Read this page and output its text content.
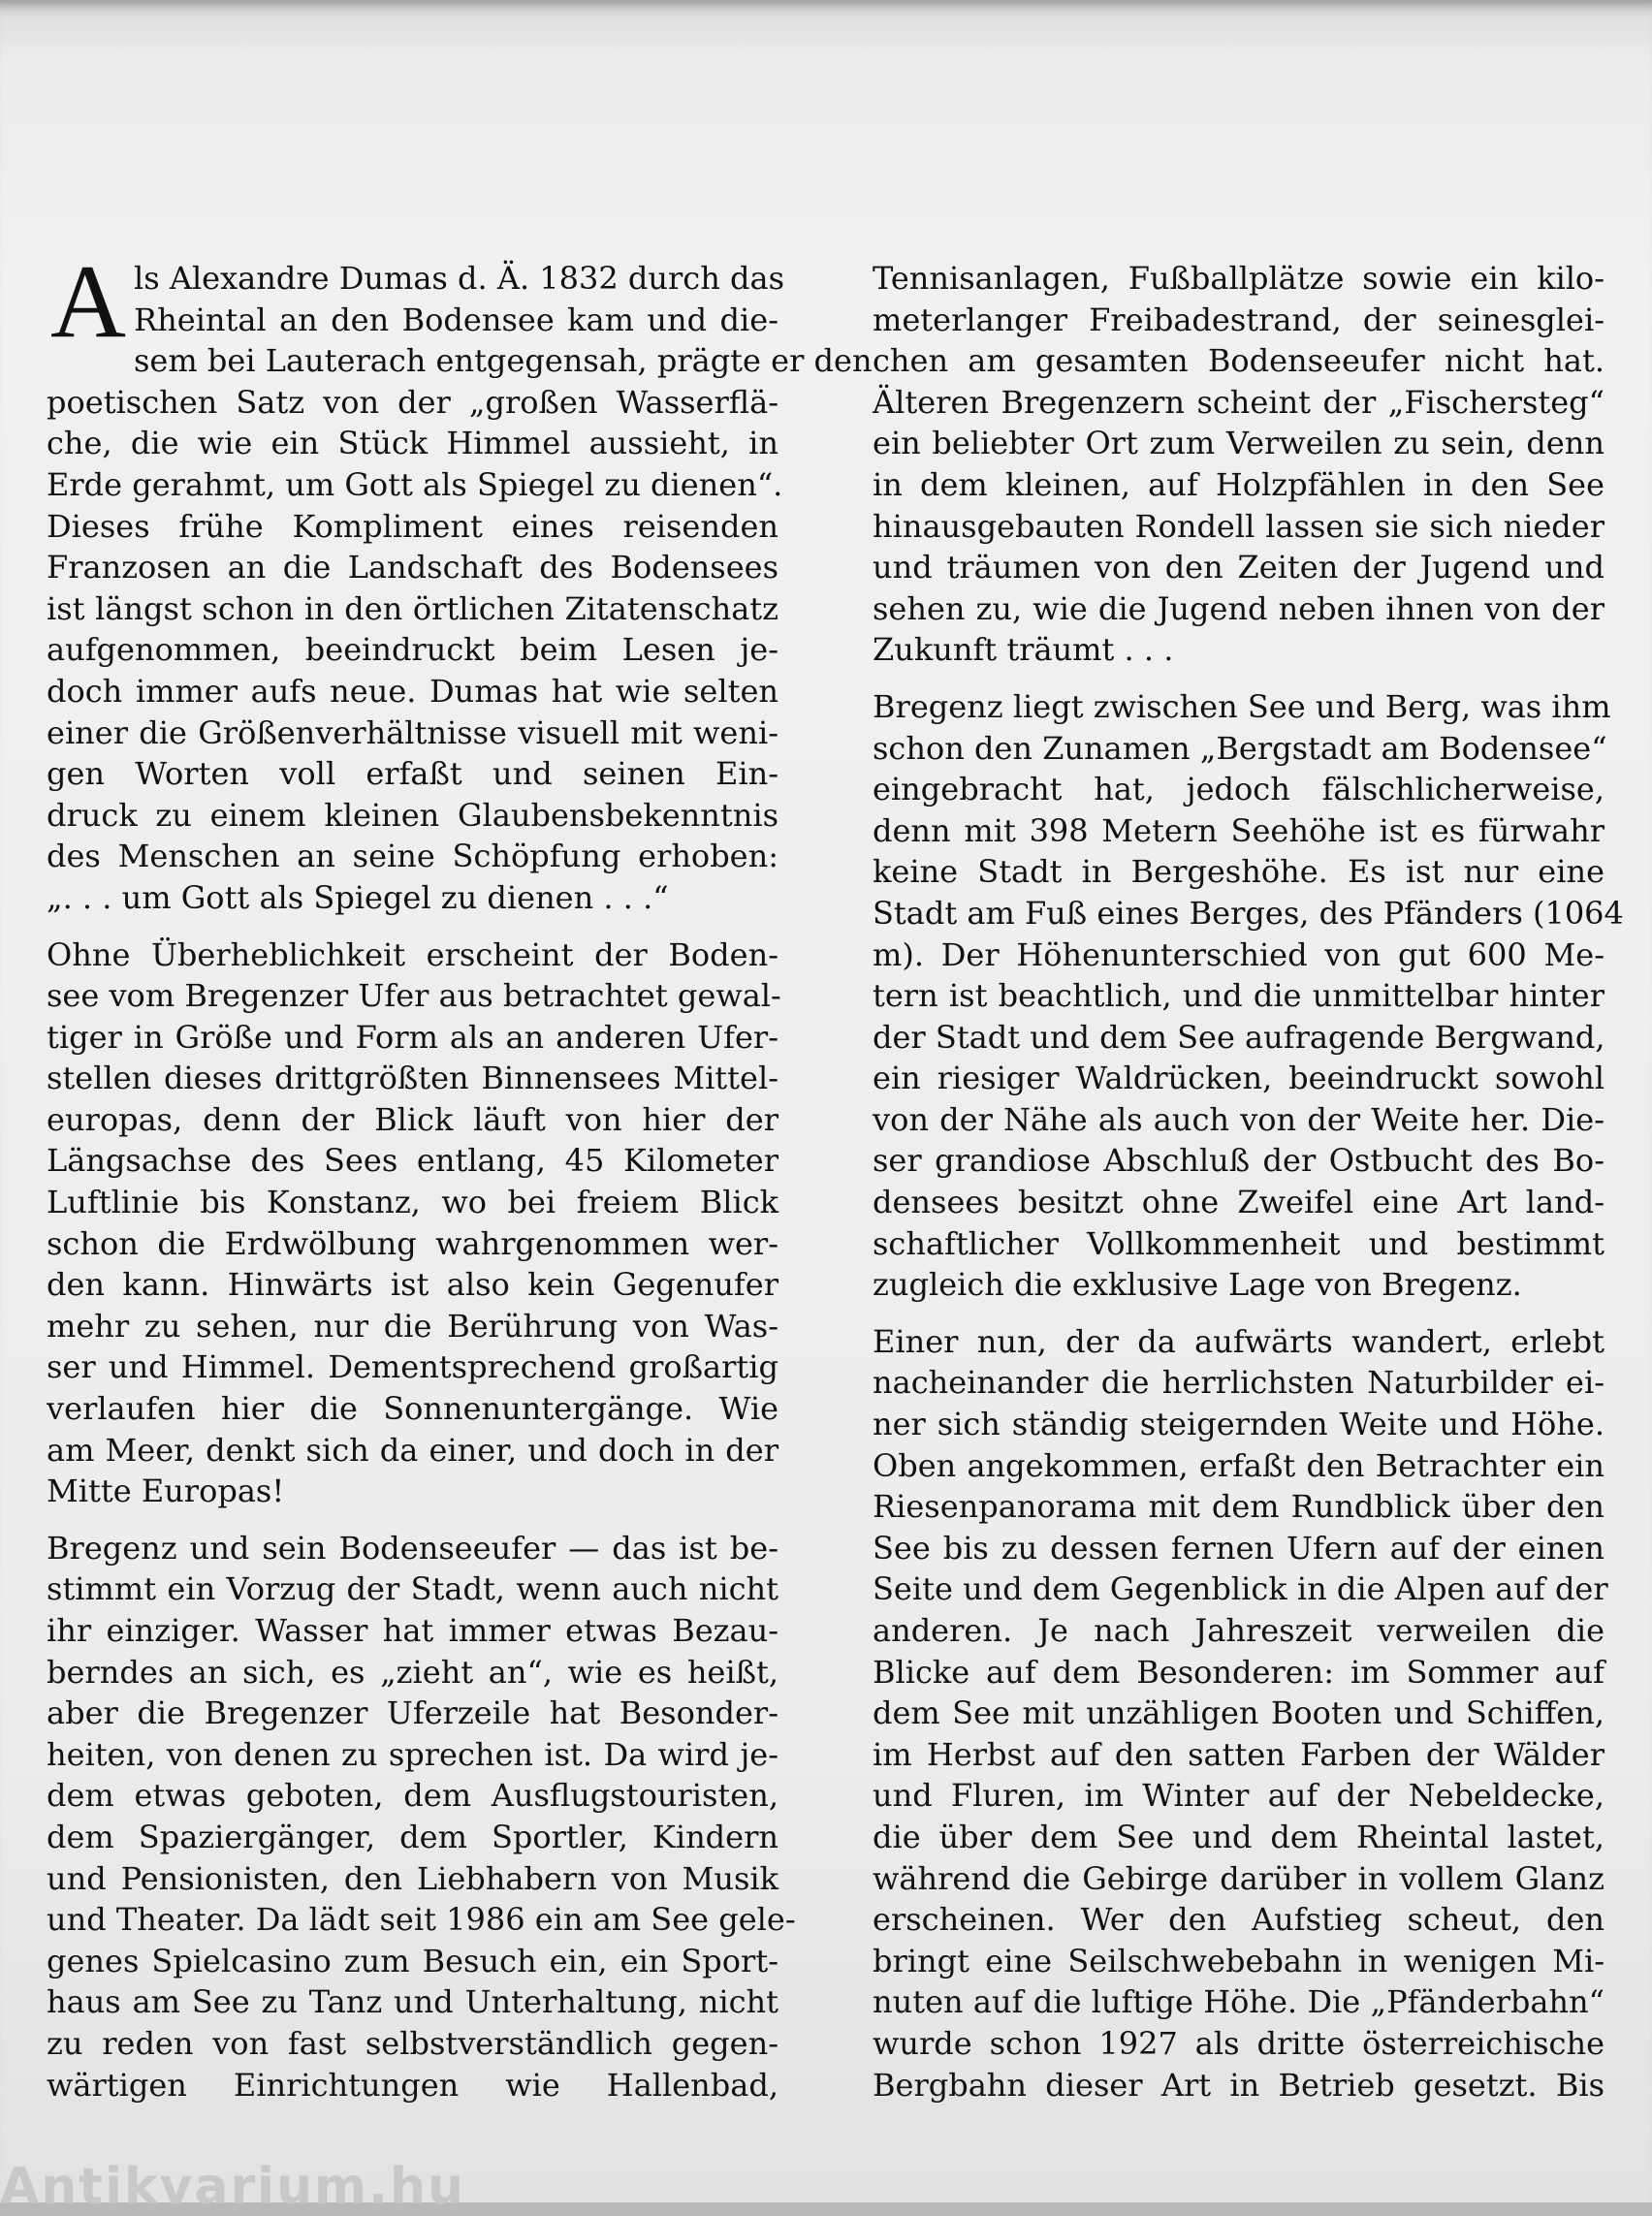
A ls Alexandre Dumas d. Ä. 1832 durch das
Rheintal an den Bodensee kam und die-
sem bei Lauterach entgegensah, prägte er den
poetischen Satz von der „großen Wasserflä-
che, die wie ein Stück Himmel aussieht, in
Erde gerahmt, um Gott als Spiegel zu dienen“.
Dieses frühe Kompliment eines reisenden
Franzosen an die Landschaft des Bodensees
ist längst schon in den örtlichen Zitatenschatz
aufgenommen, beeindruckt beim Lesen je-
doch immer aufs neue. Dumas hat wie selten
einer die Größenverhältnisse visuell mit weni-
gen Worten voll erfaßt und seinen Ein-
druck zu einem kleinen Glaubensbekenntnis
des Menschen an seine Schöpfung erhoben:
„. . . um Gott als Spiegel zu dienen . . .“
Ohne Überheblichkeit erscheint der Boden-
see vom Bregenzer Ufer aus betrachtet gewal-
tiger in Größe und Form als an anderen Ufer-
stellen dieses drittgrößten Binnensees Mittel-
europas, denn der Blick läuft von hier der
Längsachse des Sees entlang, 45 Kilometer
Luftlinie bis Konstanz, wo bei freiem Blick
schon die Erdwölbung wahrgenommen wer-
den kann. Hinwärts ist also kein Gegenufer
mehr zu sehen, nur die Berührung von Was-
ser und Himmel. Dementsprechend großartig
verlaufen hier die Sonnenuntergänge. Wie
am Meer, denkt sich da einer, und doch in der
Mitte Europas!
Bregenz und sein Bodenseeufer — das ist be-
stimmt ein Vorzug der Stadt, wenn auch nicht
ihr einziger. Wasser hat immer etwas Bezau-
berndes an sich, es „zieht an“, wie es heißt,
aber die Bregenzer Uferzeile hat Besonder-
heiten, von denen zu sprechen ist. Da wird je-
dem etwas geboten, dem Ausflugstouristen,
dem Spaziergänger, dem Sportler, Kindern
und Pensionisten, den Liebhabern von Musik
und Theater. Da lädt seit 1986 ein am See gele-
genes Spielcasino zum Besuch ein, ein Sport-
haus am See zu Tanz und Unterhaltung, nicht
zu reden von fast selbstverständlich gegen-
wärtigen Einrichtungen wie Hallenbad,
Tennisanlagen, Fußballplätze sowie ein kilo-
meterlanger Freibadestrand, der seinesglei-
chen am gesamten Bodenseeufer nicht hat.
Älteren Bregenzern scheint der „Fischersteg“
ein beliebter Ort zum Verweilen zu sein, denn
in dem kleinen, auf Holzpfählen in den See
hinausgebauten Rondell lassen sie sich nieder
und träumen von den Zeiten der Jugend und
sehen zu, wie die Jugend neben ihnen von der
Zukunft träumt . . .
Bregenz liegt zwischen See und Berg, was ihm
schon den Zunamen „Bergstadt am Bodensee“
eingebracht hat, jedoch fälschlicherweise,
denn mit 398 Metern Seehöhe ist es fürwahr
keine Stadt in Bergeshöhe. Es ist nur eine
Stadt am Fuß eines Berges, des Pfänders (1064
m). Der Höhenunterschied von gut 600 Me-
tern ist beachtlich, und die unmittelbar hinter
der Stadt und dem See aufragende Bergwand,
ein riesiger Waldrücken, beeindruckt sowohl
von der Nähe als auch von der Weite her. Die-
ser grandiose Abschluß der Ostbucht des Bo-
densees besitzt ohne Zweifel eine Art land-
schaftlicher Vollkommenheit und bestimmt
zugleich die exklusive Lage von Bregenz.
Einer nun, der da aufwärts wandert, erlebt
nacheinander die herrlichsten Naturbilder ei-
ner sich ständig steigernden Weite und Höhe.
Oben angekommen, erfaßt den Betrachter ein
Riesenpanorama mit dem Rundblick über den
See bis zu dessen fernen Ufern auf der einen
Seite und dem Gegenblick in die Alpen auf der
anderen. Je nach Jahreszeit verweilen die
Blicke auf dem Besonderen: im Sommer auf
dem See mit unzähligen Booten und Schiffen,
im Herbst auf den satten Farben der Wälder
und Fluren, im Winter auf der Nebeldecke,
die über dem See und dem Rheintal lastet,
während die Gebirge darüber in vollem Glanz
erscheinen. Wer den Aufstieg scheut, den
bringt eine Seilschwebebahn in wenigen Mi-
nuten auf die luftige Höhe. Die „Pfänderbahn“
wurde schon 1927 als dritte österreichische
Bergbahn dieser Art in Betrieb gesetzt. Bis
Antikvarium.hu
